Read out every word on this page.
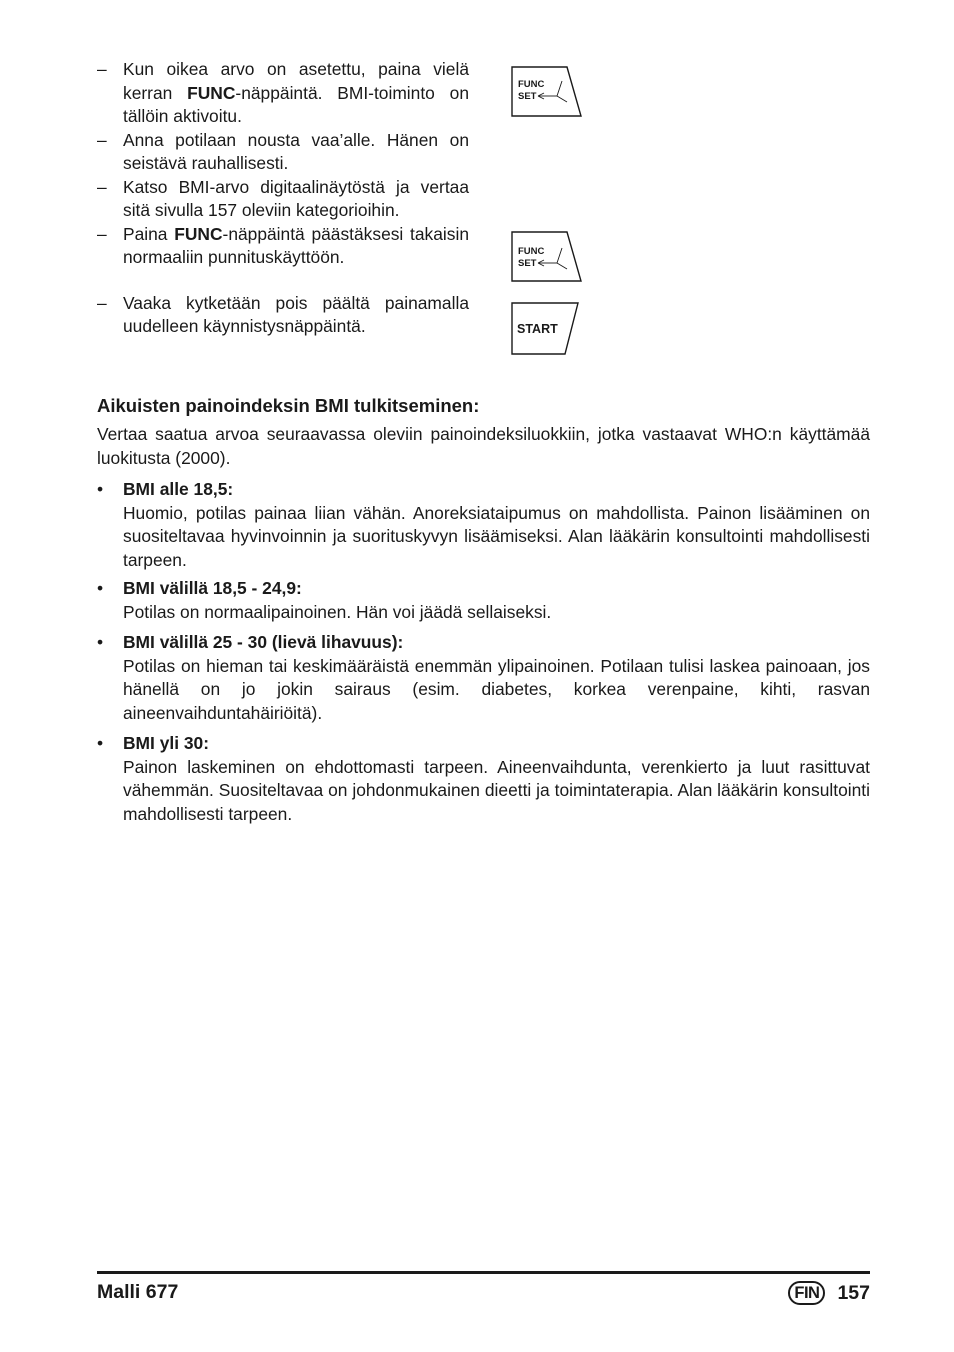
– Kun oikea arvo on asetettu, paina vielä kerran FUNC-näppäintä. BMI-toiminto on tällöin aktivoitu.
– Anna potilaan nousta vaa’alle. Hänen on seistävä rauhallisesti.
– Katso BMI-arvo digitaalinäytöstä ja vertaa sitä sivulla 157 oleviin kategorioihin.
– Paina FUNC-näppäintä päästäksesi takaisin normaaliin punnituskäyttöön.
– Vaaka kytketään pois päältä painamalla uudelleen käynnistysnäppäintä.
FUNC
SET
FUNC
SET
START
Aikuisten painoindeksin BMI tulkitseminen:
Vertaa saatua arvoa seuraavassa oleviin painoindeksiluokkiin, jotka vastaavat WHO:n käyttämää luokitusta (2000).
• BMI alle 18,5:
Huomio, potilas painaa liian vähän. Anoreksiataipumus on mahdollista. Painon lisääminen on suositeltavaa hyvinvoinnin ja suorituskyvyn lisäämiseksi. Alan lääkärin konsultointi mahdollisesti tarpeen.
• BMI välillä 18,5 - 24,9:
Potilas on normaalipainoinen. Hän voi jäädä sellaiseksi.
• BMI välillä 25 - 30 (lievä lihavuus):
Potilas on hieman tai keskimääräistä enemmän ylipainoinen. Potilaan tulisi laskea painoaan, jos hänellä on jo jokin sairaus (esim. diabetes, korkea verenpaine, kihti, rasvan aineenvaihduntahäiriöitä).
• BMI yli 30:
Painon laskeminen on ehdottomasti tarpeen. Aineenvaihdunta, verenkierto ja luut rasittuvat vähemmän. Suositeltavaa on johdonmukainen dieetti ja toimintaterapia. Alan lääkärin konsultointi mahdollisesti tarpeen.
Malli 677	FIN 157
